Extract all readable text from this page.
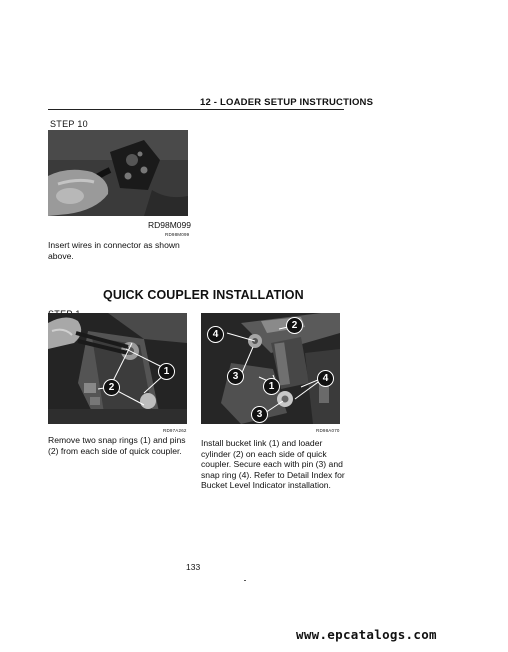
12 - LOADER SETUP INSTRUCTIONS
STEP 10
RD98M099
RD98M099
Insert wires in connector as shown above.
QUICK COUPLER INSTALLATION
1
2
RD97A262
Remove two snap rings (1) and pins (2) from each side of quick coupler.
4
2
3
1
4
3
RD98A070
Install bucket link (1) and loader cylinder (2) on each side of quick coupler. Secure each with pin (3) and snap ring (4). Refer to Detail Index for Bucket Level Indicator installation.
133
www.epcatalogs.com
